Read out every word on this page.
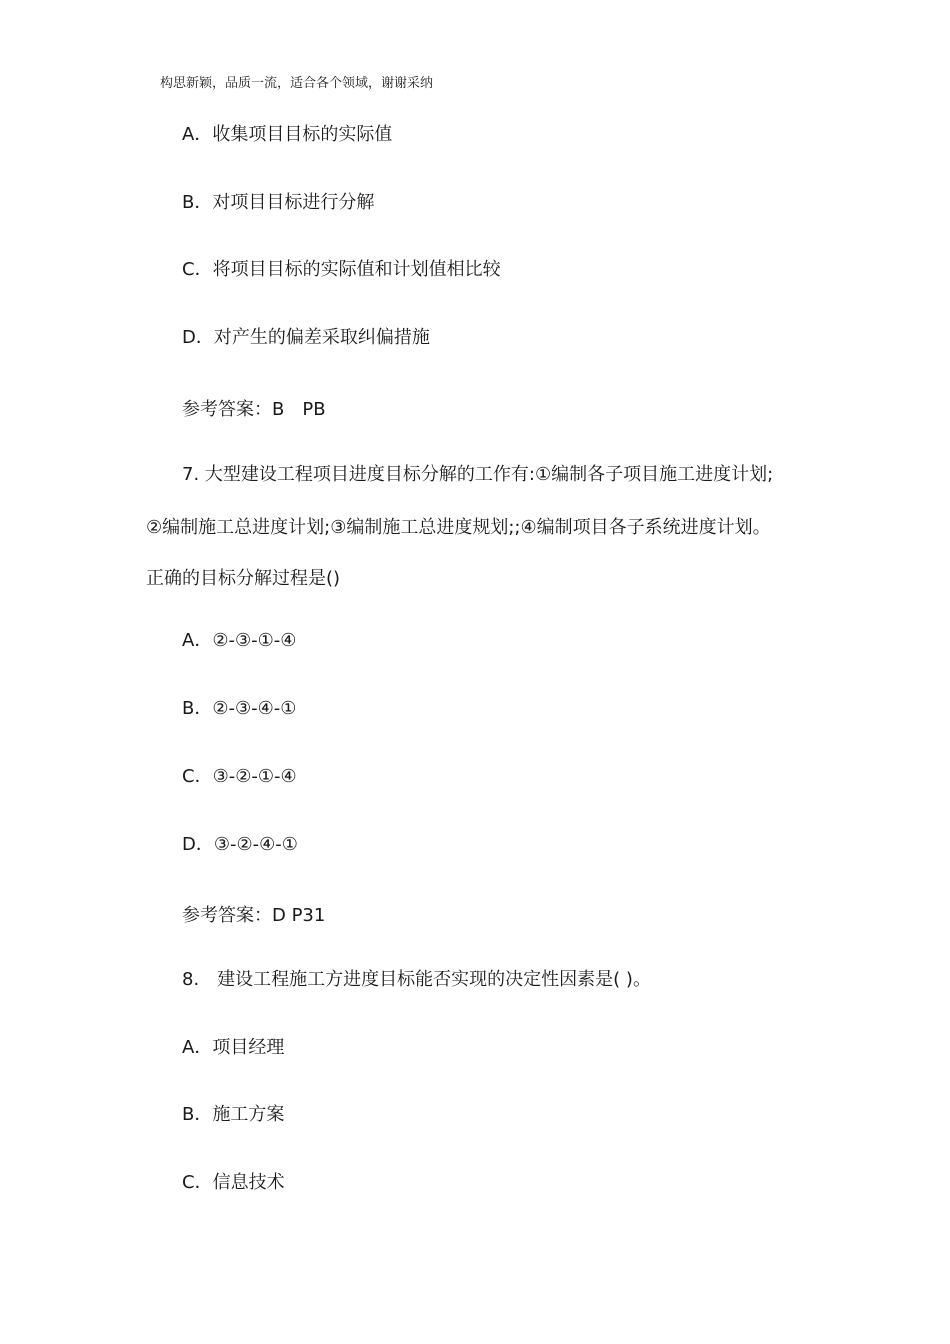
构思新颖，品质一流，适合各个领域，谢谢采纳
A．收集项目目标的实际值
B．对项目目标进行分解
C．将项目目标的实际值和计划值相比较
D．对产生的偏差采取纠偏措施
参考答案：B　PB
7. 大型建设工程项目进度目标分解的工作有:①编制各子项目施工进度计划;
②编制施工总进度计划;③编制施工总进度规划;;④编制项目各子系统进度计划。
正确的目标分解过程是()
A．②-③-①-④
B．②-③-④-①
C．③-②-①-④
D．③-②-④-①
参考答案：D P31
8.　建设工程施工方进度目标能否实现的决定性因素是( )。
A．项目经理
B．施工方案
C．信息技术
